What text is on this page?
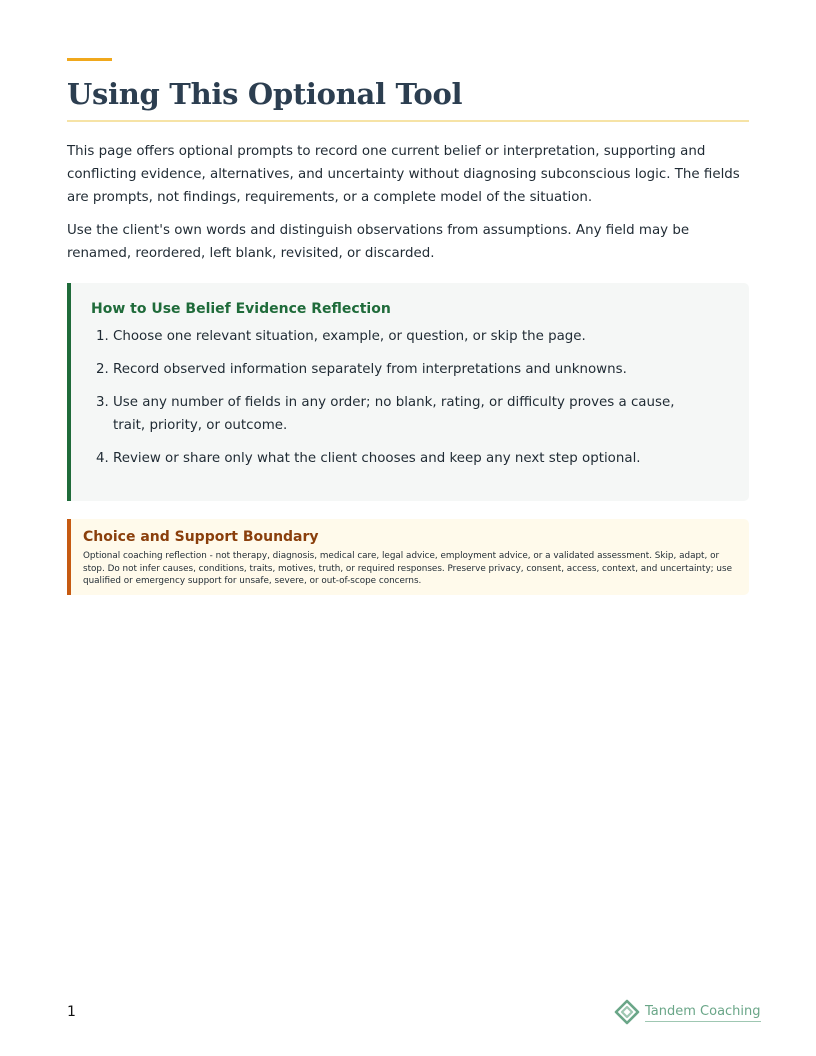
Using This Optional Tool

This page offers optional prompts to record one current belief or interpretation, supporting and conflicting evidence, alternatives, and uncertainty without diagnosing subconscious logic. The fields are prompts, not findings, requirements, or a complete model of the situation.

Use the client's own words and distinguish observations from assumptions. Any field may be renamed, reordered, left blank, revisited, or discarded.

How to Use Belief Evidence Reflection
1. Choose one relevant situation, example, or question, or skip the page.
2. Record observed information separately from interpretations and unknowns.
3. Use any number of fields in any order; no blank, rating, or difficulty proves a cause, trait, priority, or outcome.
4. Review or share only what the client chooses and keep any next step optional.
Choice and Support Boundary

Optional coaching reflection - not therapy, diagnosis, medical care, legal advice, employment advice, or a validated assessment. Skip, adapt, or stop. Do not infer causes, conditions, traits, motives, truth, or required responses. Preserve privacy, consent, access, context, and uncertainty; use qualified or emergency support for unsafe, severe, or out-of-scope concerns.

1	Tandem Coaching
